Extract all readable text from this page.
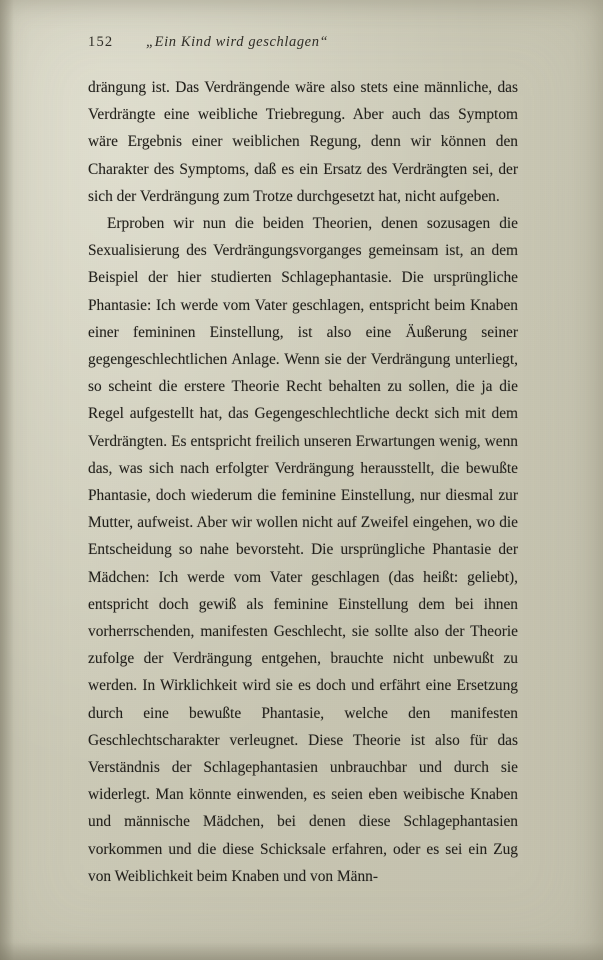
152 „Ein Kind wird geschlagen“

drängung ist. Das Verdrängende wäre also stets eine männliche, das Verdrängte eine weibliche Triebregung. Aber auch das Symptom wäre Ergebnis einer weiblichen Regung, denn wir können den Charakter des Symptoms, daß es ein Ersatz des Verdrängten sei, der sich der Verdrängung zum Trotze durchgesetzt hat, nicht aufgeben.

Erproben wir nun die beiden Theorien, denen sozusagen die Sexualisierung des Verdrängungsvorganges gemeinsam ist, an dem Beispiel der hier studierten Schlagephantasie. Die ursprüngliche Phantasie: Ich werde vom Vater geschlagen, entspricht beim Knaben einer femininen Einstellung, ist also eine Äußerung seiner gegengeschlechtlichen Anlage. Wenn sie der Verdrängung unterliegt, so scheint die erstere Theorie Recht behalten zu sollen, die ja die Regel aufgestellt hat, das Gegengeschlechtliche deckt sich mit dem Verdrängten. Es entspricht freilich unseren Erwartungen wenig, wenn das, was sich nach erfolgter Verdrängung herausstellt, die bewußte Phantasie, doch wiederum die feminine Einstellung, nur diesmal zur Mutter, aufweist. Aber wir wollen nicht auf Zweifel eingehen, wo die Entscheidung so nahe bevorsteht. Die ursprüngliche Phantasie der Mädchen: Ich werde vom Vater geschlagen (das heißt: geliebt), entspricht doch gewiß als feminine Einstellung dem bei ihnen vorherrschenden, manifesten Geschlecht, sie sollte also der Theorie zufolge der Verdrängung entgehen, brauchte nicht unbewußt zu werden. In Wirklichkeit wird sie es doch und erfährt eine Ersetzung durch eine bewußte Phantasie, welche den manifesten Geschlechtscharakter verleugnet. Diese Theorie ist also für das Verständnis der Schlagephantasien unbrauchbar und durch sie widerlegt. Man könnte einwenden, es seien eben weibische Knaben und männische Mädchen, bei denen diese Schlagephantasien vorkommen und die diese Schicksale erfahren, oder es sei ein Zug von Weiblichkeit beim Knaben und von Männ-
